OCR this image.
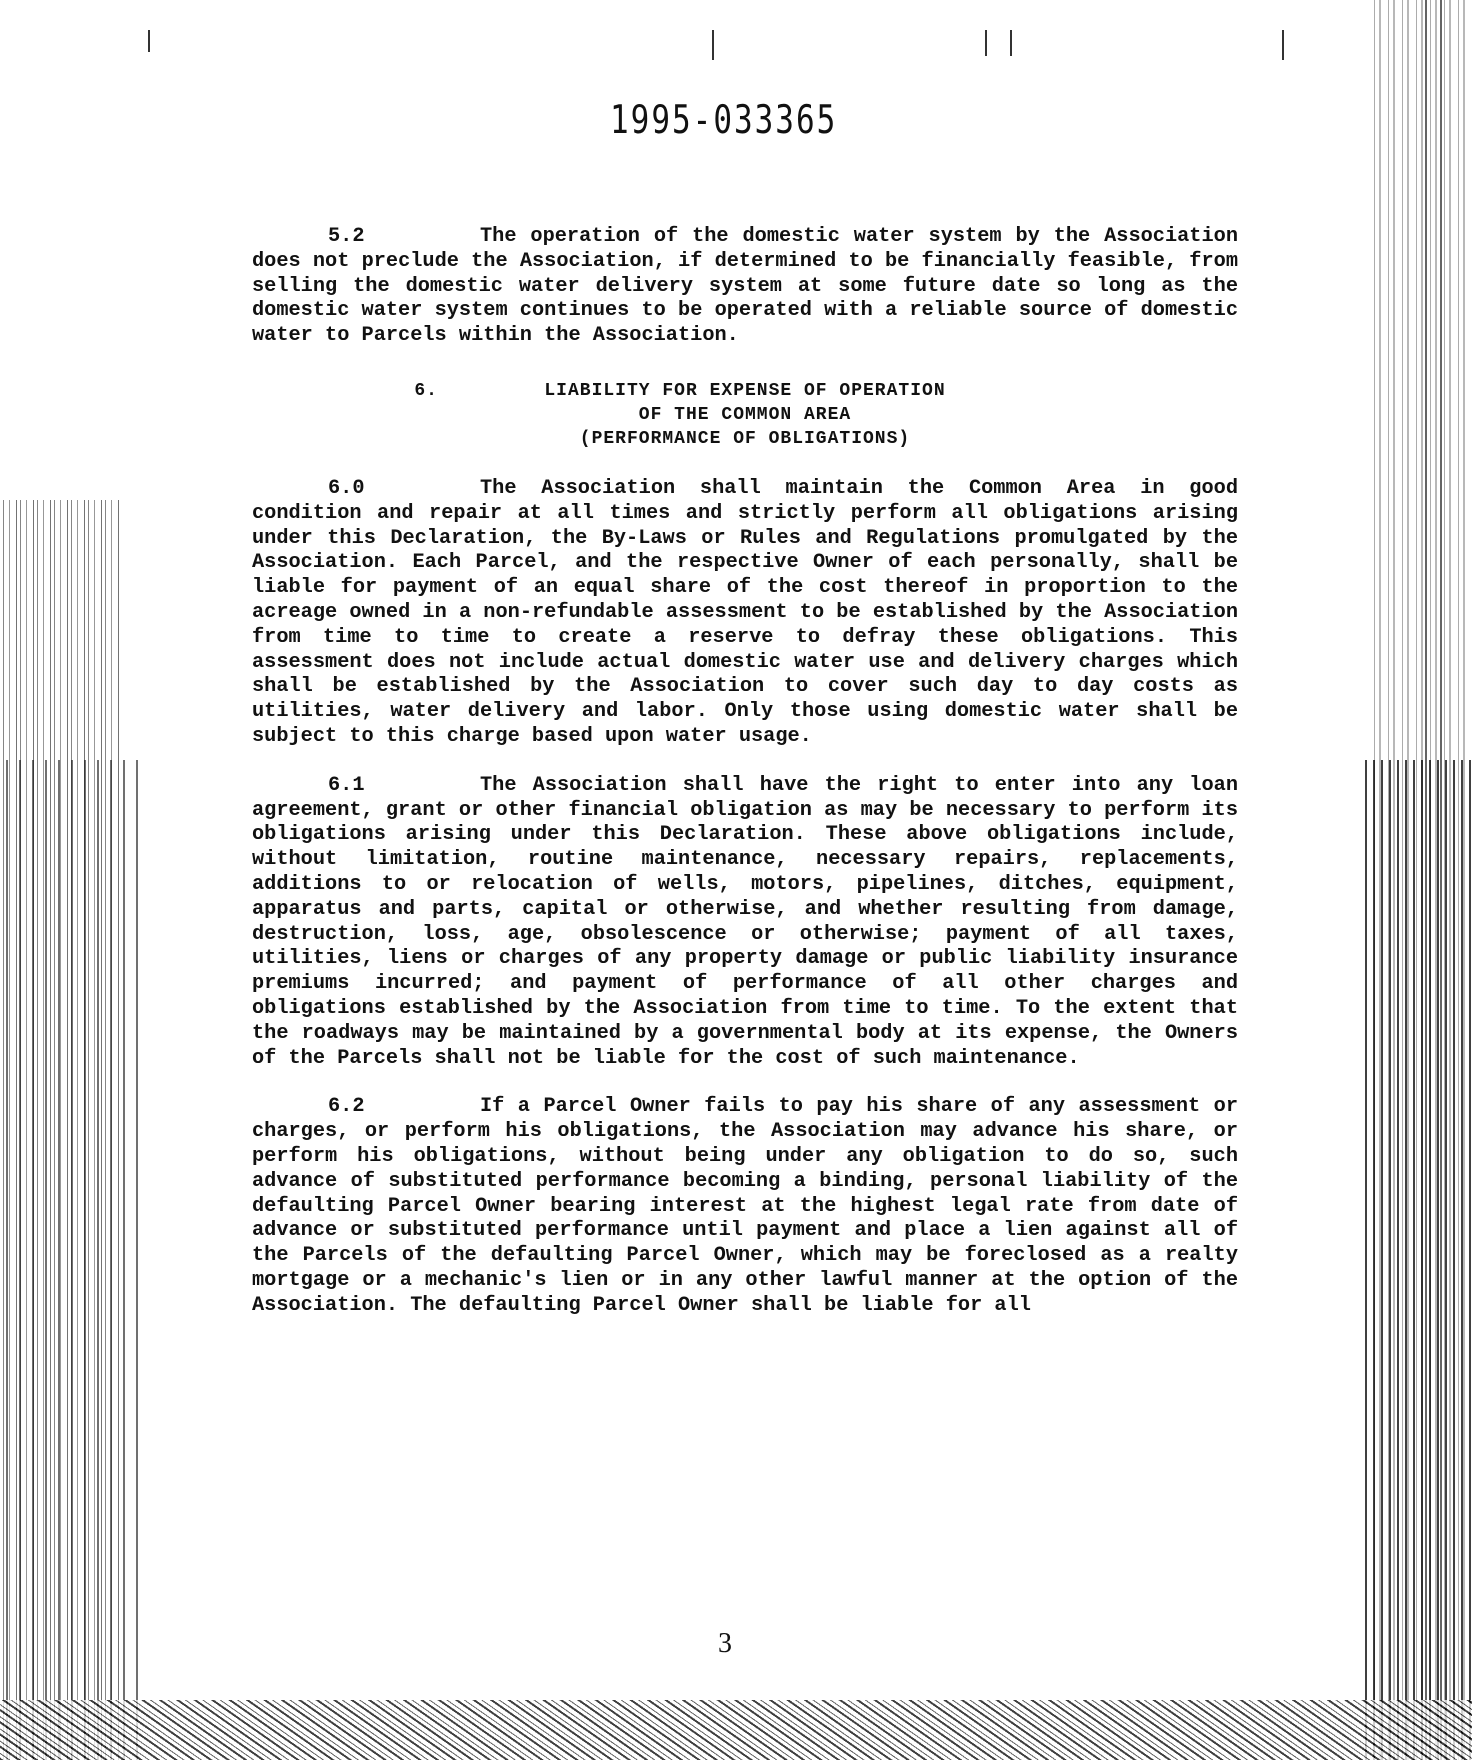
1995-033365

5.2	The operation of the domestic water system by the Association does not preclude the Association, if determined to be financially feasible, from selling the domestic water delivery system at some future date so long as the domestic water system continues to be operated with a reliable source of domestic water to Parcels within the Association.

6.	LIABILITY FOR EXPENSE OF OPERATION

OF THE COMMON AREA

(PERFORMANCE OF OBLIGATIONS)

6.0	The Association shall maintain the Common Area in good condition and repair at all times and strictly perform all obligations arising under this Declaration, the By-Laws or Rules and Regulations promulgated by the Association. Each Parcel, and the respective Owner of each personally, shall be liable for payment of an equal share of the cost thereof in proportion to the acreage owned in a non-refundable assessment to be established by the Association from time to time to create a reserve to defray these obligations. This assessment does not include actual domestic water use and delivery charges which shall be established by the Association to cover such day to day costs as utilities, water delivery and labor. Only those using domestic water shall be subject to this charge based upon water usage.

6.1	The Association shall have the right to enter into any loan agreement, grant or other financial obligation as may be necessary to perform its obligations arising under this Declaration. These above obligations include, without limitation, routine maintenance, necessary repairs, replacements, additions to or relocation of wells, motors, pipelines, ditches, equipment, apparatus and parts, capital or otherwise, and whether resulting from damage, destruction, loss, age, obsolescence or otherwise; payment of all taxes, utilities, liens or charges of any property damage or public liability insurance premiums incurred; and payment of performance of all other charges and obligations established by the Association from time to time. To the extent that the roadways may be maintained by a governmental body at its expense, the Owners of the Parcels shall not be liable for the cost of such maintenance.

6.2	If a Parcel Owner fails to pay his share of any assessment or charges, or perform his obligations, the Association may advance his share, or perform his obligations, without being under any obligation to do so, such advance of substituted performance becoming a binding, personal liability of the defaulting Parcel Owner bearing interest at the highest legal rate from date of advance or substituted performance until payment and place a lien against all of the Parcels of the defaulting Parcel Owner, which may be foreclosed as a realty mortgage or a mechanic's lien or in any other lawful manner at the option of the Association. The defaulting Parcel Owner shall be liable for all

3
